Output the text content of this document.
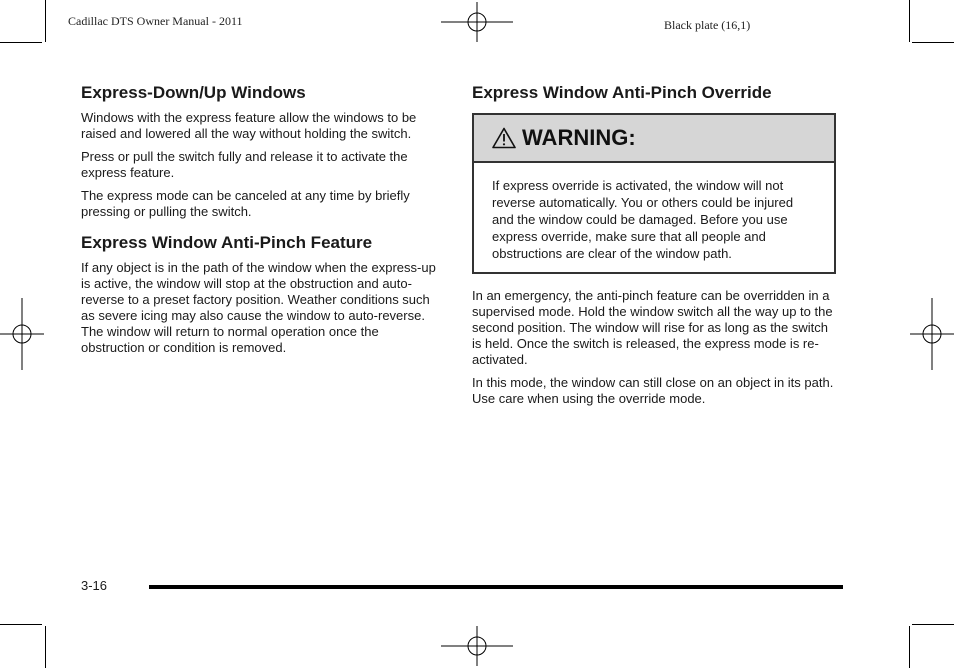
Cadillac DTS Owner Manual - 2011	Black plate (16,1)
Express-Down/Up Windows

Windows with the express feature allow the windows to be raised and lowered all the way without holding the switch.

Press or pull the switch fully and release it to activate the express feature.

The express mode can be canceled at any time by briefly pressing or pulling the switch.

Express Window Anti-Pinch Feature

If any object is in the path of the window when the express-up is active, the window will stop at the obstruction and auto-reverse to a preset factory position. Weather conditions such as severe icing may also cause the window to auto-reverse. The window will return to normal operation once the obstruction or condition is removed.

Express Window Anti-Pinch Override
WARNING:

If express override is activated, the window will not reverse automatically. You or others could be injured and the window could be damaged. Before you use express override, make sure that all people and obstructions are clear of the window path.

In an emergency, the anti-pinch feature can be overridden in a supervised mode. Hold the window switch all the way up to the second position. The window will rise for as long as the switch is held. Once the switch is released, the express mode is re-activated.

In this mode, the window can still close on an object in its path. Use care when using the override mode.

3-16
